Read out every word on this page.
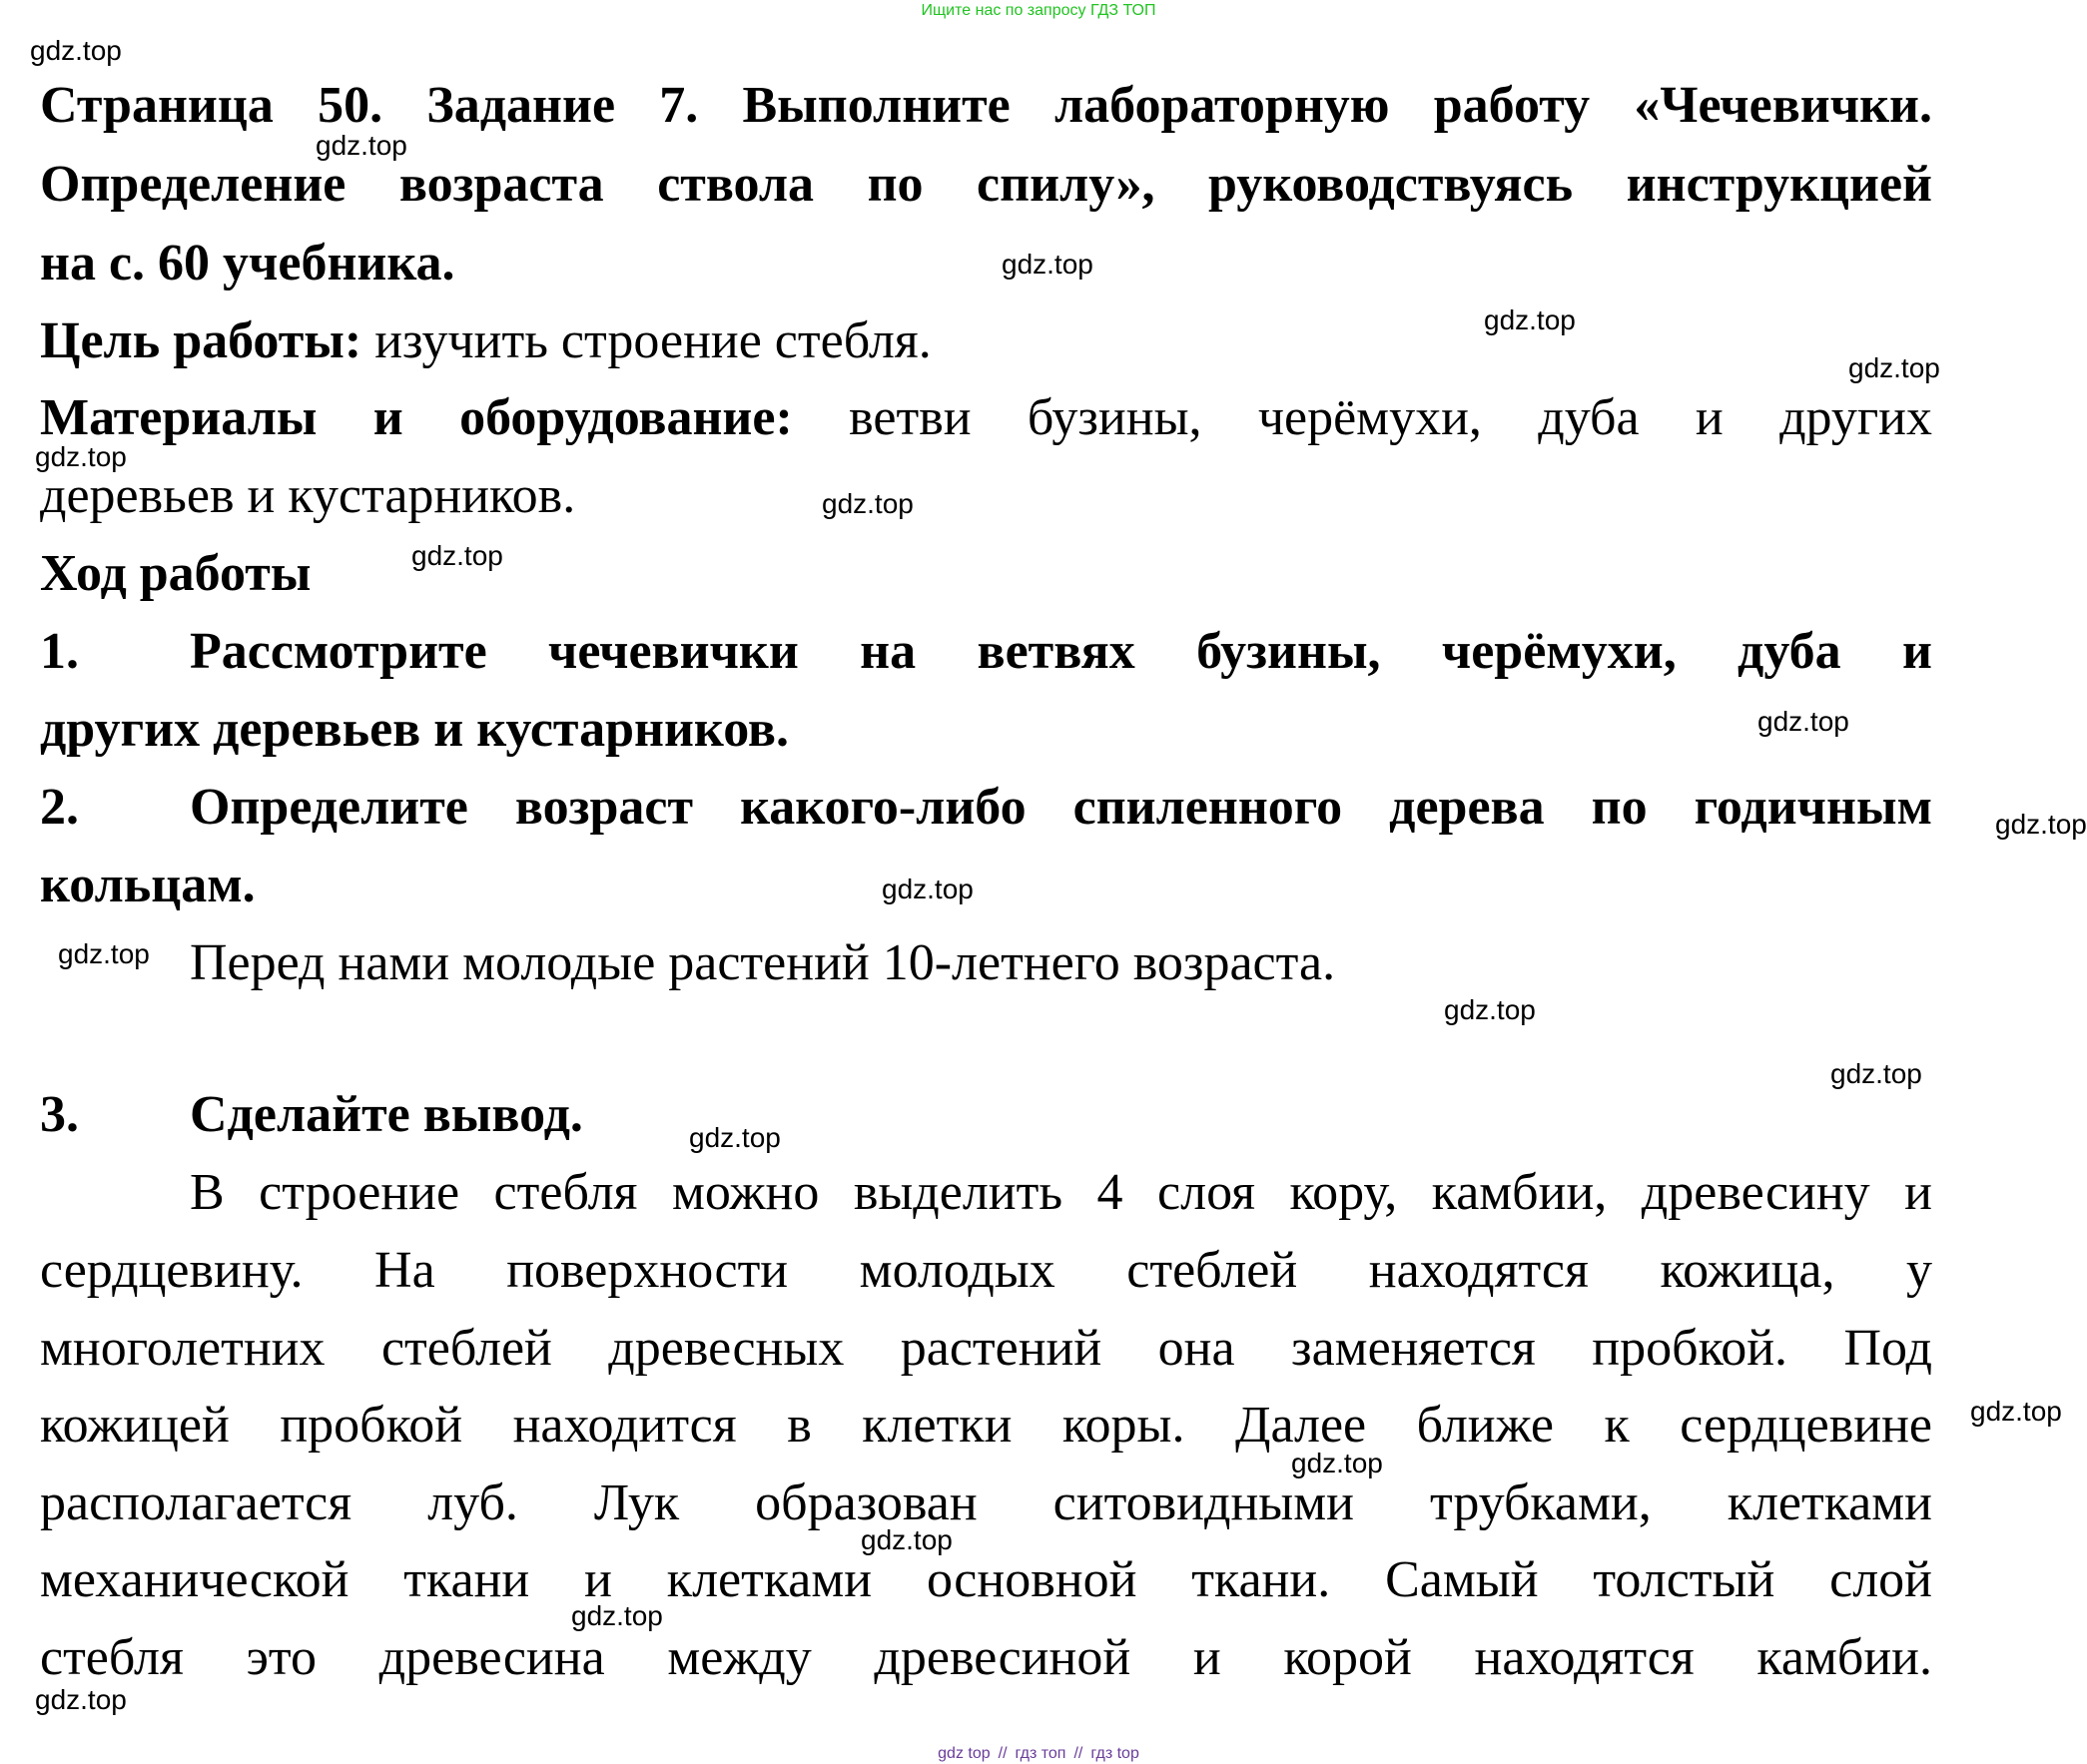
Ищите нас по запросу ГДЗ ТОП
gdz.top
gdz.top
gdz.top
gdz.top
gdz.top
gdz.top
gdz.top
gdz.top
gdz.top
gdz.top
gdz.top
gdz.top
gdz.top
gdz.top
gdz.top
gdz.top
gdz.top
gdz.top
gdz.top
gdz.top
Страница 50. Задание 7. Выполните лабораторную работу «Чечевички.
Определение возраста ствола по спилу», руководствуясь инструкцией
на с. 60 учебника.
Цель работы: изучить строение стебля.
Материалы и оборудование: ветви бузины, черёмухи, дуба и других
деревьев и кустарников.
Ход работы
1. Рассмотрите чечевички на ветвях бузины, черёмухи, дуба и
других деревьев и кустарников.
2. Определите возраст какого-либо спиленного дерева по годичным
кольцам.
Перед нами молодые растений 10-летнего возраста.
3. Сделайте вывод.
В строение стебля можно выделить 4 слоя кору, камбии, древесину и
сердцевину. На поверхности молодых стеблей находятся кожица, у
многолетних стеблей древесных растений она заменяется пробкой. Под
кожицей пробкой находится в клетки коры. Далее ближе к сердцевине
располагается луб. Лук образован ситовидными трубками, клетками
механической ткани и клетками основной ткани. Самый толстый слой
стебля это древесина между древесиной и корой находятся камбии.
gdz top // гдз топ // гдз top
